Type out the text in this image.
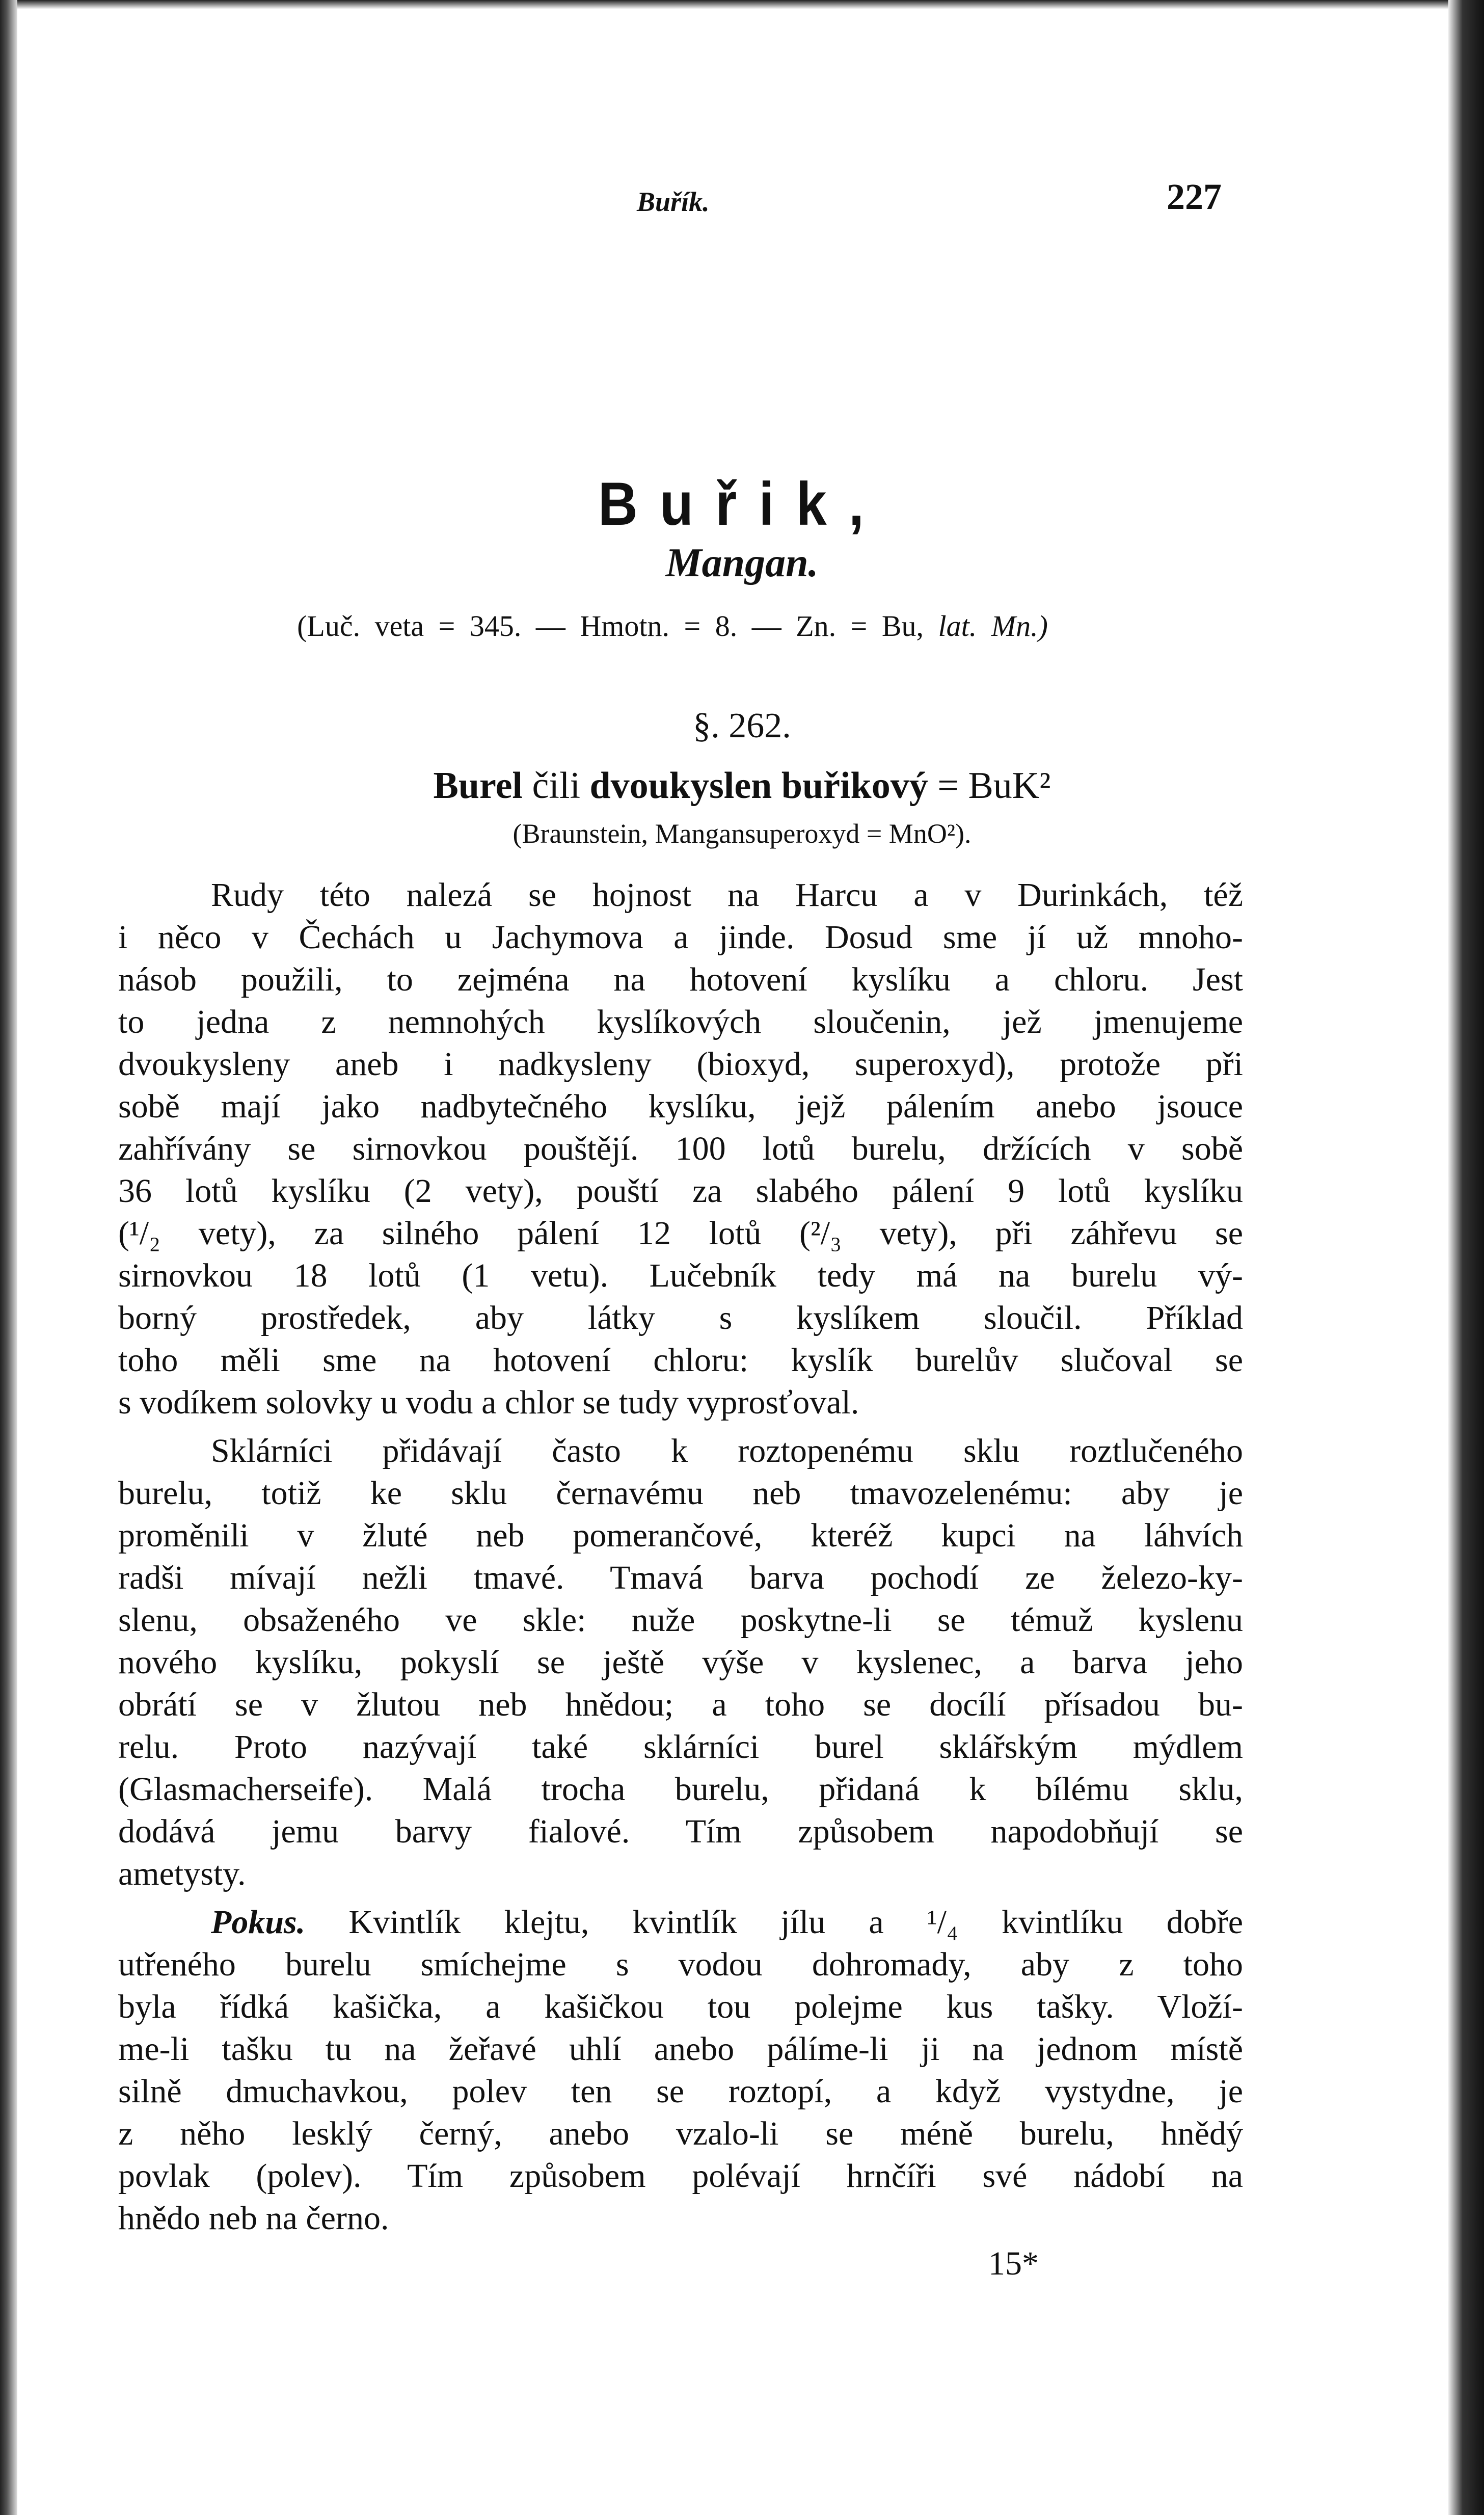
Buřík.	227
Buřik,
Mangan.
(Luč. veta = 345. — Hmotn. = 8. — Zn. = Bu, lat. Mn.)
§. 262.
Burel čili dvoukyslen buřikový = BuK²
(Braunstein, Mangansuperoxyd = MnO²).
Rudy této nalezá se hojnost na Harcu a v Durinkách, též
i něco v Čechách u Jachymova a jinde. Dosud sme jí už mnoho-
násob použili, to zejména na hotovení kyslíku a chloru. Jest
to jedna z nemnohých kyslíkových sloučenin, jež jmenujeme
dvoukysleny aneb i nadkysleny (bioxyd, superoxyd), protože při
sobě mají jako nadbytečného kyslíku, jejž pálením anebo jsouce
zahřívány se sirnovkou pouštějí. 100 lotů burelu, držících v sobě
36 lotů kyslíku (2 vety), pouští za slabého pálení 9 lotů kyslíku
(¹/₂ vety), za silného pálení 12 lotů (²/₃ vety), při záhřevu se
sirnovkou 18 lotů (1 vetu). Lučebník tedy má na burelu vý-
borný prostředek, aby látky s kyslíkem sloučil. Příklad
toho měli sme na hotovení chloru: kyslík burelův slučoval se
s vodíkem solovky u vodu a chlor se tudy vyprosťoval.
Sklárníci přidávají často k roztopenému sklu roztlučeného
burelu, totiž ke sklu černavému neb tmavozelenému: aby je
proměnili v žluté neb pomerančové, kteréž kupci na láhvích
radši mívají nežli tmavé. Tmavá barva pochodí ze železo-ky-
slenu, obsaženého ve skle: nuže poskytne-li se témuž kyslenu
nového kyslíku, pokyslí se ještě výše v kyslenec, a barva jeho
obrátí se v žlutou neb hnědou; a toho se docílí přísadou bu-
relu. Proto nazývají také sklárníci burel sklářským mýdlem
(Glasmacherseife). Malá trocha burelu, přidaná k bílému sklu,
dodává jemu barvy fialové. Tím způsobem napodobňují se
ametysty.
Pokus. Kvintlík klejtu, kvintlík jílu a ¹/₄ kvintlíku dobře
utřeného burelu smíchejme s vodou dohromady, aby z toho
byla řídká kašička, a kašičkou tou polejme kus tašky. Vloží-
me-li tašku tu na žeřavé uhlí anebo pálíme-li ji na jednom místě
silně dmuchavkou, polev ten se roztopí, a když vystydne, je
z něho lesklý černý, anebo vzalo-li se méně burelu, hnědý
povlak (polev). Tím způsobem polévají hrnčíři své nádobí na
hnědo neb na černo.
15*
